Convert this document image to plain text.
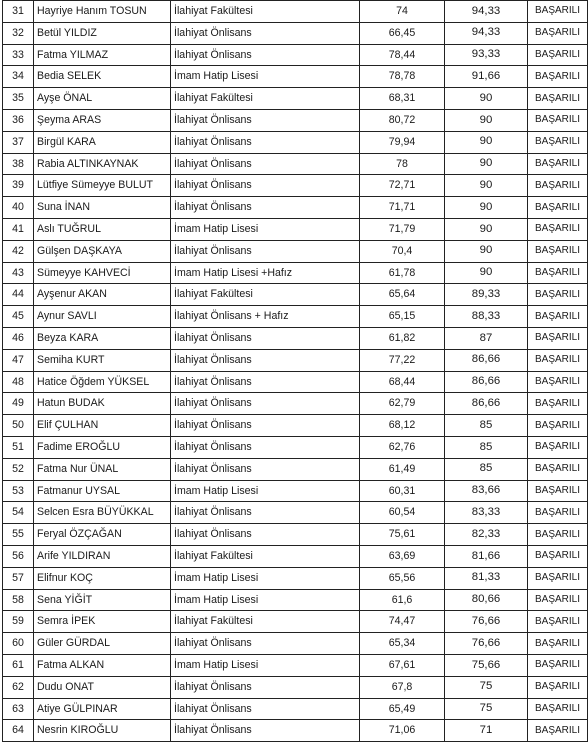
31	Hayriye Hanım TOSUN	İlahiyat Fakültesi	74	94,33	BAŞARILI
32	Betül YILDIZ	İlahiyat Önlisans	66,45	94,33	BAŞARILI
33	Fatma YILMAZ	İlahiyat Önlisans	78,44	93,33	BAŞARILI
34	Bedia SELEK	İmam Hatip Lisesi	78,78	91,66	BAŞARILI
35	Ayşe ÖNAL	İlahiyat Fakültesi	68,31	90	BAŞARILI
36	Şeyma ARAS	İlahiyat Önlisans	80,72	90	BAŞARILI
37	Birgül KARA	İlahiyat Önlisans	79,94	90	BAŞARILI
38	Rabia ALTINKAYNAK	İlahiyat Önlisans	78	90	BAŞARILI
39	Lütfiye Sümeyye BULUT	İlahiyat Önlisans	72,71	90	BAŞARILI
40	Suna İNAN	İlahiyat Önlisans	71,71	90	BAŞARILI
41	Aslı TUĞRUL	İmam Hatip Lisesi	71,79	90	BAŞARILI
42	Gülşen DAŞKAYA	İlahiyat Önlisans	70,4	90	BAŞARILI
43	Sümeyye KAHVECİ	İmam Hatip Lisesi +Hafız	61,78	90	BAŞARILI
44	Ayşenur AKAN	İlahiyat Fakültesi	65,64	89,33	BAŞARILI
45	Aynur SAVLI	İlahiyat Önlisans + Hafız	65,15	88,33	BAŞARILI
46	Beyza KARA	İlahiyat Önlisans	61,82	87	BAŞARILI
47	Semiha KURT	İlahiyat Önlisans	77,22	86,66	BAŞARILI
48	Hatice Öğdem YÜKSEL	İlahiyat Önlisans	68,44	86,66	BAŞARILI
49	Hatun BUDAK	İlahiyat Önlisans	62,79	86,66	BAŞARILI
50	Elif ÇULHAN	İlahiyat Önlisans	68,12	85	BAŞARILI
51	Fadime EROĞLU	İlahiyat Önlisans	62,76	85	BAŞARILI
52	Fatma Nur ÜNAL	İlahiyat Önlisans	61,49	85	BAŞARILI
53	Fatmanur UYSAL	İmam Hatip Lisesi	60,31	83,66	BAŞARILI
54	Selcen Esra BÜYÜKKAL	İlahiyat Önlisans	60,54	83,33	BAŞARILI
55	Feryal ÖZÇAĞAN	İlahiyat Önlisans	75,61	82,33	BAŞARILI
56	Arife YILDIRAN	İlahiyat Fakültesi	63,69	81,66	BAŞARILI
57	Elifnur KOÇ	İmam Hatip Lisesi	65,56	81,33	BAŞARILI
58	Sena YİĞİT	İmam Hatip Lisesi	61,6	80,66	BAŞARILI
59	Semra İPEK	İlahiyat Fakültesi	74,47	76,66	BAŞARILI
60	Güler GÜRDAL	İlahiyat Önlisans	65,34	76,66	BAŞARILI
61	Fatma ALKAN	İmam Hatip Lisesi	67,61	75,66	BAŞARILI
62	Dudu ONAT	İlahiyat Önlisans	67,8	75	BAŞARILI
63	Atiye GÜLPINAR	İlahiyat Önlisans	65,49	75	BAŞARILI
64	Nesrin KIROĞLU	İlahiyat Önlisans	71,06	71	BAŞARILI
